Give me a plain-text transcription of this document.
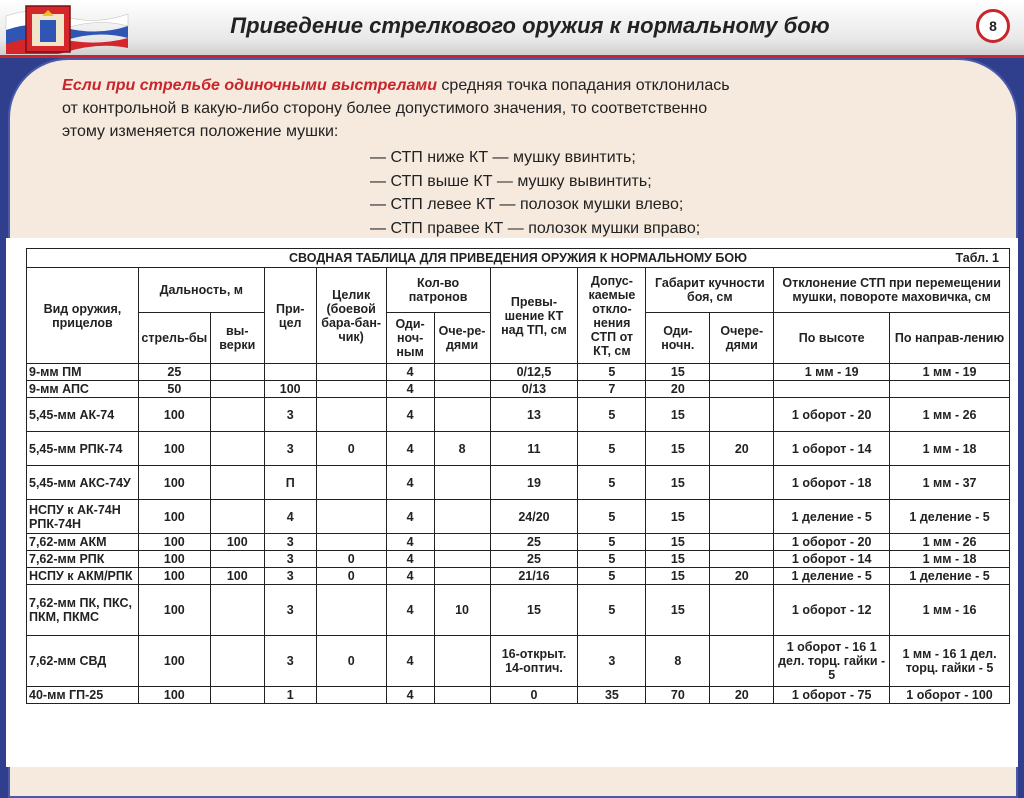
Приведение стрелкового оружия к нормальному бою	8
Если при стрельбе одиночными выстрелами средняя точка попадания отклонилась
от контрольной в какую-либо сторону более допустимого значения, то соответственно
этому изменяется положение мушки:
— СТП ниже КТ — мушку ввинтить;
— СТП выше КТ — мушку вывинтить;
— СТП левее КТ — полозок мушки влево;
— СТП правее КТ — полозок мушки вправо;
СВОДНАЯ ТАБЛИЦА ДЛЯ ПРИВЕДЕНИЯ ОРУЖИЯ К НОРМАЛЬНОМУ БОЮ Табл. 1												

Вид оружия, прицелов	Дальность, м		При-цел	Целик (боевой бара-бан-чик)	Кол-во патронов		Превы-шение КТ над ТП, см	Допус-каемые откло-нения СТП от КТ, см	Габарит кучности боя, см		Отклонение СТП при перемещении мушки, повороте маховичка, см	
	стрель-бы	вы-верки			Оди-ноч-ным	Оче-ре-дями			Оди-ночн.	Очере-дями	По высоте	По направ-лению
9-мм ПМ	25				4		0/12,5	5	15		1 мм - 19	1 мм - 19
9-мм АПС	50		100		4		0/13	7	20			
5,45-мм АК-74	100		3		4		13	5	15		1 оборот - 20	1 мм - 26
5,45-мм РПК-74	100		3	0	4	8	11	5	15	20	1 оборот - 14	1 мм - 18
5,45-мм АКС-74У	100		П		4		19	5	15		1 оборот - 18	1 мм - 37
НСПУ к АК-74Н РПК-74Н	100		4		4		24/20	5	15		1 деление - 5	1 деление - 5
7,62-мм АКМ	100	100	3		4		25	5	15		1 оборот - 20	1 мм - 26
7,62-мм РПК	100		3	0	4		25	5	15		1 оборот - 14	1 мм - 18
НСПУ к АКМ/РПК	100	100	3	0	4		21/16	5	15	20	1 деление - 5	1 деление - 5
7,62-мм ПК, ПКС, ПКМ, ПКМС	100		3		4	10	15	5	15		1 оборот - 12	1 мм - 16
7,62-мм СВД	100		3	0	4		16-открыт. 14-оптич.	3	8		1 оборот - 16 1 дел. торц. гайки - 5	1 мм - 16 1 дел. торц. гайки - 5
40-мм ГП-25	100		1		4		0	35	70	20	1 оборот - 75	1 оборот - 100
